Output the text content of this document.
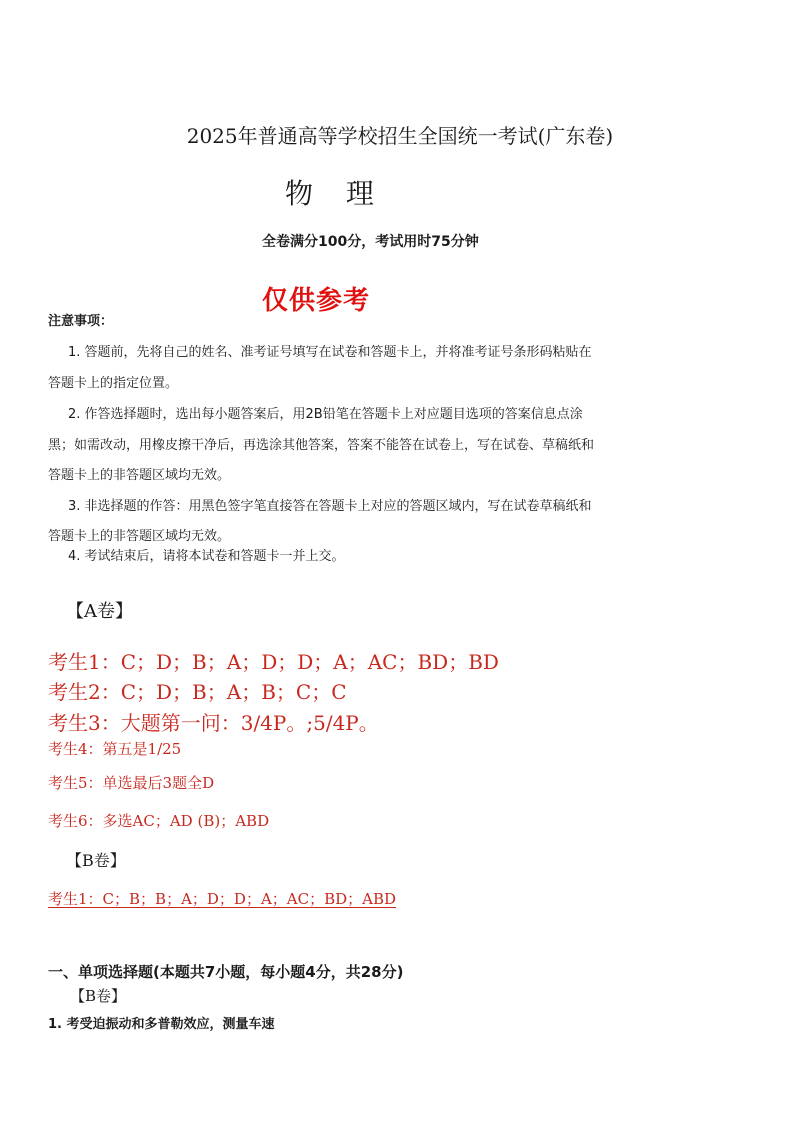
2025年普通高等学校招生全国统一考试(广东卷)
物 理
全卷满分100分，考试用时75分钟
仅供参考
注意事项：
1. 答题前，先将自己的姓名、准考证号填写在试卷和答题卡上，并将准考证号条形码粘贴在
答题卡上的指定位置。
2. 作答选择题时，选出每小题答案后，用2B铅笔在答题卡上对应题目选项的答案信息点涂
黑；如需改动，用橡皮擦干净后，再选涂其他答案，答案不能答在试卷上，写在试卷、草稿纸和
答题卡上的非答题区域均无效。
3. 非选择题的作答：用黑色签字笔直接答在答题卡上对应的答题区域内，写在试卷草稿纸和
答题卡上的非答题区域均无效。
4. 考试结束后，请将本试卷和答题卡一并上交。
【A卷】
考生1：C；D；B；A；D；D；A；AC；BD；BD
考生2：C；D；B；A；B；C；C
考生3：大题第一问：3/4P。;5/4P。
考生4：第五是1/25
考生5：单选最后3题全D
考生6：多选AC；AD (B)；ABD
【B卷】
考生1：C；B；B；A；D；D；A；AC；BD；ABD
一、单项选择题(本题共7小题，每小题4分，共28分)
【B卷】
1. 考受迫振动和多普勒效应，测量车速
